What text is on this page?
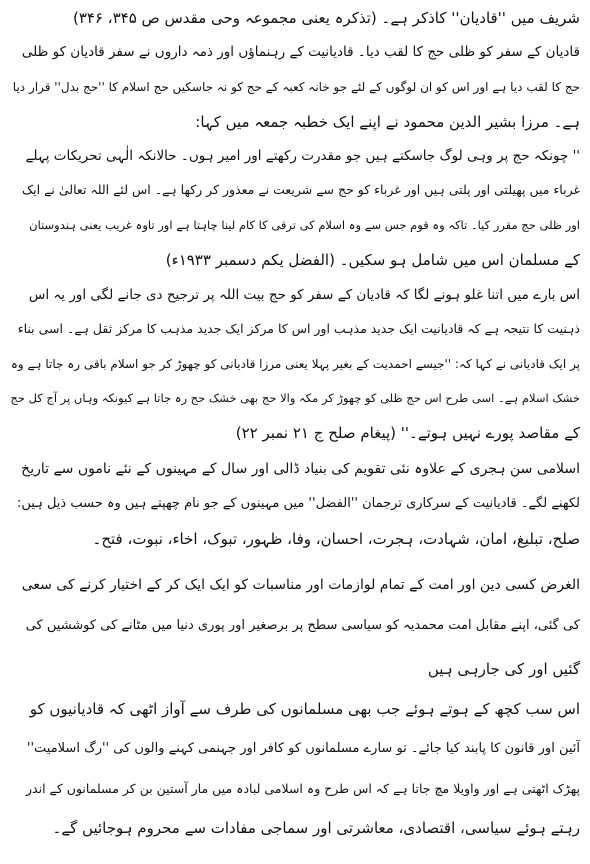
شریف میں ''قادیان'' کاذکر ہے۔ (تذکرہ یعنی مجموعہ وحی مقدس ص ۳۴۵، ۳۴۶)
قادیان کے سفر کو ظلی حج کا لقب دیا۔ قادیانیت کے رہنماؤں اور ذمہ داروں نے سفر قادیان کو ظلی
حج کا لقب دیا ہے اور اس کو ان لوگوں کے لئے جو خانہ کعبہ کے حج کو نہ جاسکیں حج اسلام کا ''حج بدل'' قرار دیا
ہے۔ مرزا بشیر الدین محمود نے اپنے ایک خطبہ جمعہ میں کہا:
'' چونکہ حج پر وہی لوگ جاسکتے ہیں جو مقدرت رکھتے اور امیر ہوں۔ حالانکہ الٰہی تحریکات پہلے
غرباء میں پھیلتی اور پلتی ہیں اور غرباء کو حج سے شریعت نے معذور کر رکھا ہے۔ اس لئے اللہ تعالیٰ نے ایک
اور ظلی حج مقرر کیا۔ تاکہ وہ قوم جس سے وہ اسلام کی ترقی کا کام لینا چاہتا ہے اور تاوہ غریب یعنی ہندوستان
کے مسلمان اس میں شامل ہو سکیں۔ (الفضل یکم دسمبر ۱۹۳۳ء)
اس بارے میں اتنا غلو ہونے لگا کہ قادیان کے سفر کو حج بیت اللہ پر ترجیح دی جانے لگی اور یہ اس
ذہنیت کا نتیجہ ہے کہ قادیانیت ایک جدید مذہب اور اس کا مرکز ایک جدید مذہب کا مرکز ثقل ہے۔ اسی بناء
پر ایک قادیانی نے کہا کہ: ''جیسے احمدیت کے بغیر پہلا یعنی مرزا قادیانی کو چھوڑ کر جو اسلام باقی رہ جاتا ہے وہ
خشک اسلام ہے۔ اسی طرح اس حج ظلی کو چھوڑ کر مکہ والا حج بھی خشک حج رہ جاتا ہے کیونکہ وہاں پر آج کل حج
کے مقاصد پورے نہیں ہوتے۔'' (پیغام صلح ج ۲۱ نمبر ۲۲)
اسلامی سن ہجری کے علاوہ نئی تقویم کی بنیاد ڈالی اور سال کے مہینوں کے نئے ناموں سے تاریخ
لکھنے لگے۔ قادیانیت کے سرکاری ترجمان ''الفضل'' میں مہینوں کے جو نام چھپتے ہیں وہ حسب ذیل ہیں:
صلح، تبلیغ، امان، شہادت، ہجرت، احسان، وفا، ظہور، تبوک، اخاء، نبوت، فتح۔
الغرض کسی دین اور امت کے تمام لوازمات اور مناسبات کو ایک ایک کر کے اختیار کرنے کی سعی
کی گئی، اپنے مقابل امت محمدیہ کو سیاسی سطح پر برصغیر اور پوری دنیا میں مٹانے کی کوششیں کی
گئیں اور کی جارہی ہیں
اس سب کچھ کے ہوتے ہوئے جب بھی مسلمانوں کی طرف سے آواز اٹھی کہ قادیانیوں کو
آئین اور قانون کا پابند کیا جائے۔ تو سارے مسلمانوں کو کافر اور جہنمی کہنے والوں کی ''رگ اسلامیت''
پھڑک اٹھتی ہے اور واویلا مچ جاتا ہے کہ اس طرح وہ اسلامی لبادہ میں مار آستین بن کر مسلمانوں کے اندر
رہتے ہوئے سیاسی، اقتصادی، معاشرتی اور سماجی مفادات سے محروم ہوجائیں گے۔
